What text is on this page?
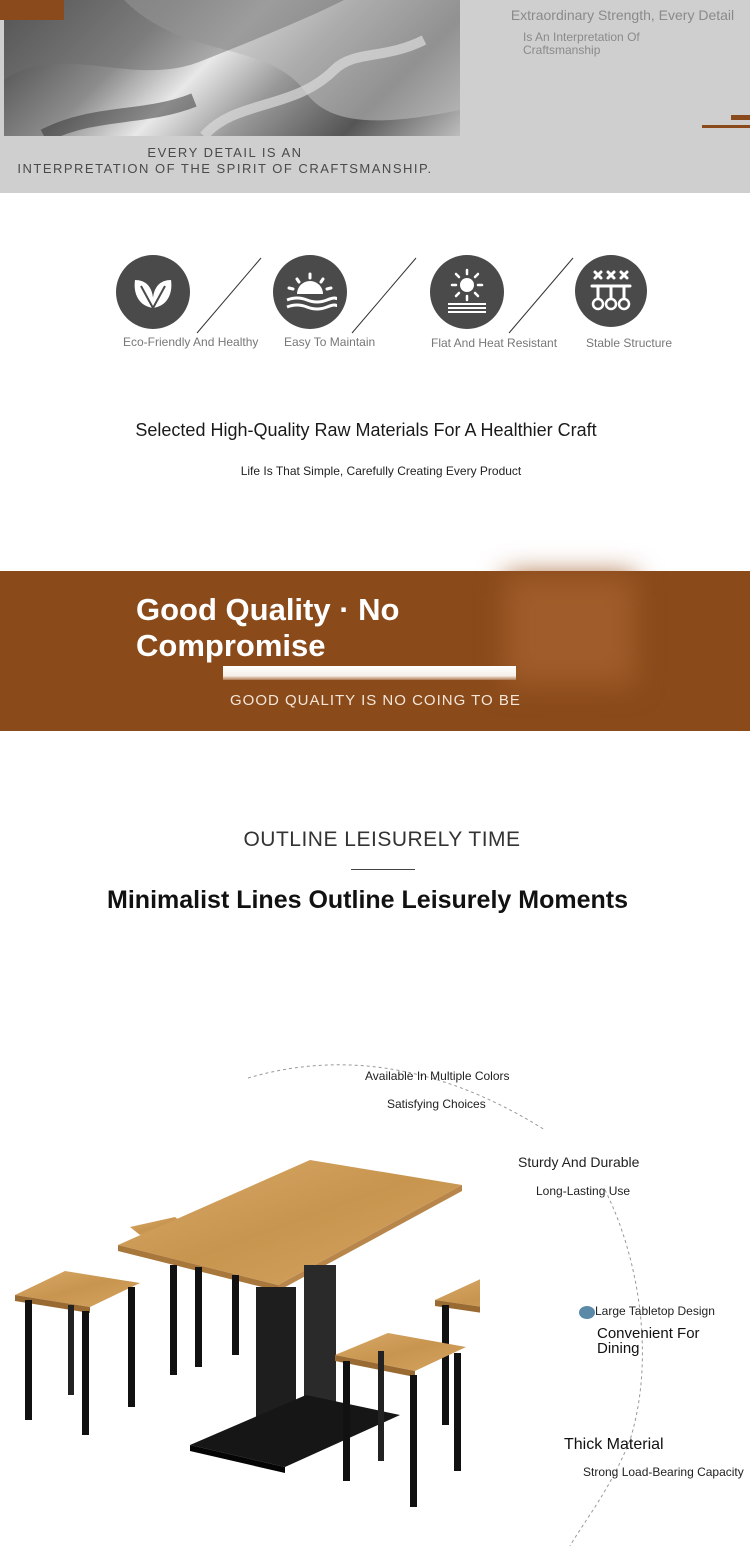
EVERY DETAIL IS AN
INTERPRETATION OF THE SPIRIT OF CRAFTSMANSHIP.
Extraordinary Strength, Every Detail
Is An Interpretation Of
Craftsmanship
Eco-Friendly And Healthy Easy To Maintain	Flat And Heat Resistant Stable Structure
Selected High-Quality Raw Materials For A Healthier Craft
Life Is That Simple, Carefully Creating Every Product
Good Quality · No
Compromise
GOOD QUALITY IS NO COING TO BE
OUTLINE LEISURELY TIME
Minimalist Lines Outline Leisurely Moments
Available In Multiple Colors
Satisfying Choices
Sturdy And Durable
Long-Lasting Use
Large Tabletop Design
Convenient For
Dining
Thick Material
Strong Load-Bearing Capacity
